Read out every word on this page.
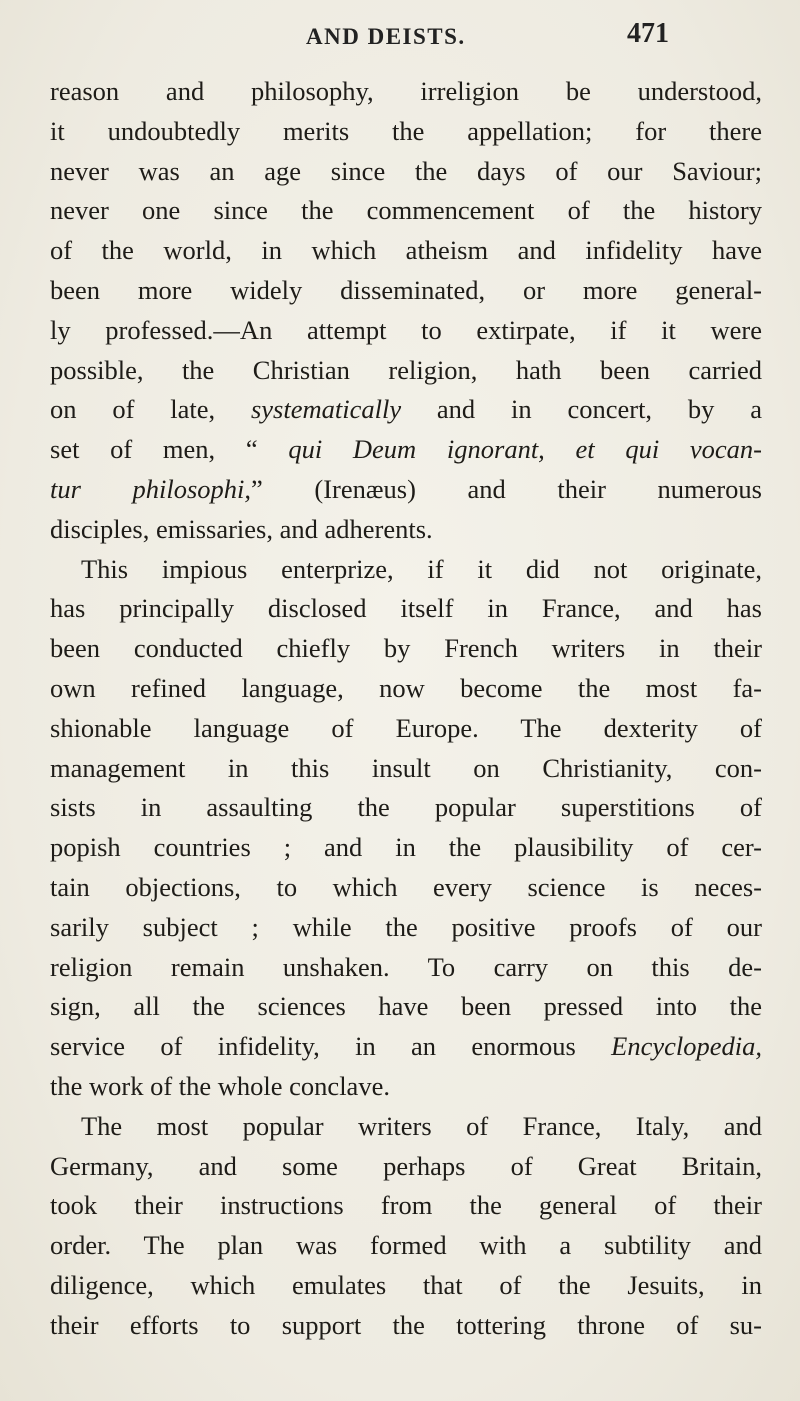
AND DEISTS.	471
reason and philosophy, irreligion be understood,
it undoubtedly merits the appellation; for there
never was an age since the days of our Saviour;
never one since the commencement of the history
of the world, in which atheism and infidelity have
been more widely disseminated, or more general-
ly professed.—An attempt to extirpate, if it were
possible, the Christian religion, hath been carried
on of late, systematically and in concert, by a
set of men, “ qui Deum ignorant, et qui vocan-
tur philosophi,” (Irenæus) and their numerous
disciples, emissaries, and adherents.
This impious enterprize, if it did not originate,
has principally disclosed itself in France, and has
been conducted chiefly by French writers in their
own refined language, now become the most fa-
shionable language of Europe. The dexterity of
management in this insult on Christianity, con-
sists in assaulting the popular superstitions of
popish countries ; and in the plausibility of cer-
tain objections, to which every science is neces-
sarily subject ; while the positive proofs of our
religion remain unshaken. To carry on this de-
sign, all the sciences have been pressed into the
service of infidelity, in an enormous Encyclopedia,
the work of the whole conclave.
The most popular writers of France, Italy, and
Germany, and some perhaps of Great Britain,
took their instructions from the general of their
order. The plan was formed with a subtility and
diligence, which emulates that of the Jesuits, in
their efforts to support the tottering throne of su-
